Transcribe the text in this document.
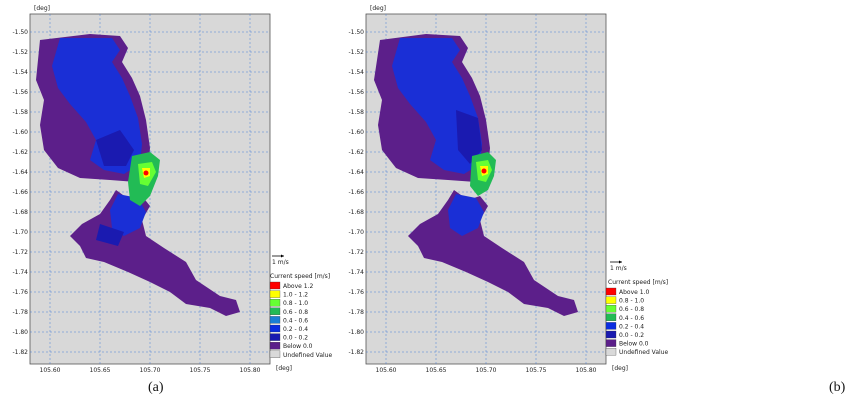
[deg]
[deg]
-1.50
-1.52
-1.54
-1.56
-1.58
-1.60
-1.62
-1.64
-1.66
-1.68
-1.70
-1.72
-1.74
-1.76
-1.78
-1.80
-1.82
105.60	105.65	105.70	105.75	105.80
1 m/s
Current speed [m/s]
Above 1.2
1.0 - 1.2
0.8 - 1.0
0.6 - 0.8
0.4 - 0.6
0.2 - 0.4
0.0 - 0.2
Below 0.0
Undefined Value
(a)
[deg]
[deg]
-1.50
-1.52
-1.54
-1.56
-1.58
-1.60
-1.62
-1.64
-1.66
-1.68
-1.70
-1.72
-1.74
-1.76
-1.78
-1.80
-1.82
105.60	105.65	105.70	105.75	105.80
1 m/s
Current speed [m/s]
Above 1.0
0.8 - 1.0
0.6 - 0.8
0.4 - 0.6
0.2 - 0.4
0.0 - 0.2
Below 0.0
Undefined Value
(b)
